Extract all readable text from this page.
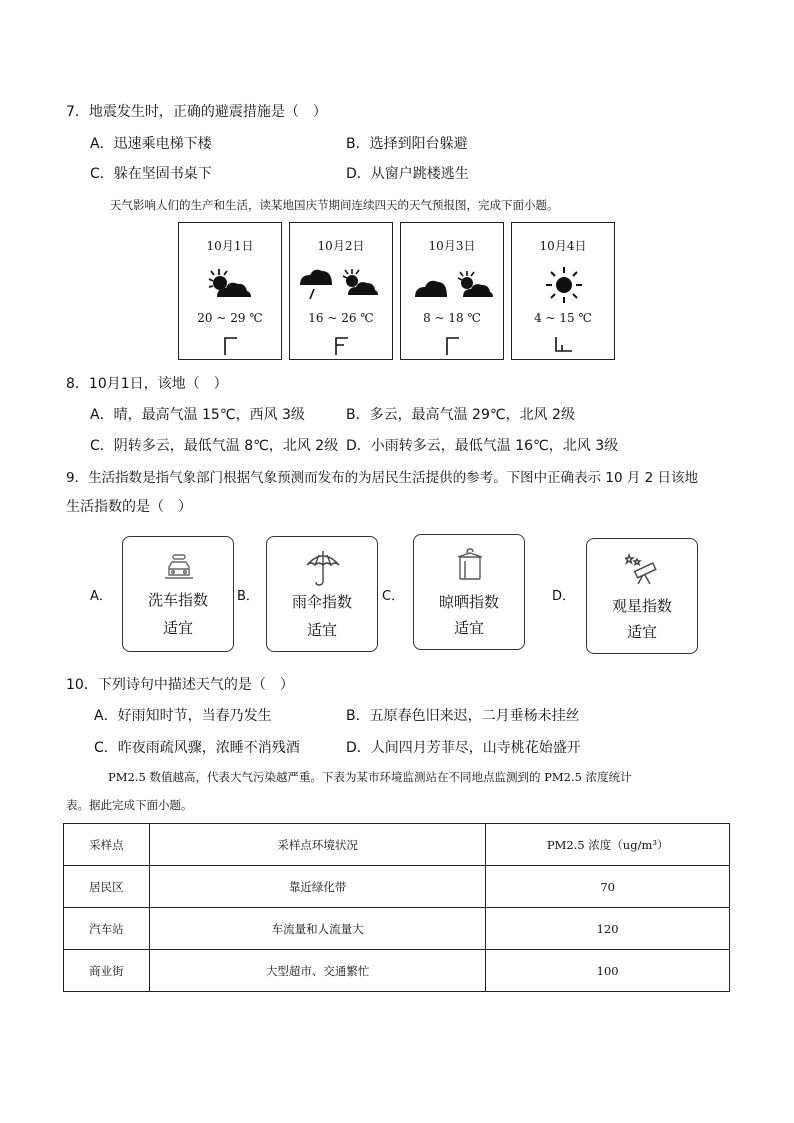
7．地震发生时，正确的避震措施是（　）
A．迅速乘电梯下楼	B．选择到阳台躲避
C．躲在坚固书桌下	D．从窗户跳楼逃生
天气影响人们的生产和生活，读某地国庆节期间连续四天的天气预报图，完成下面小题。
10月1日
20 ~ 29 ℃
10月2日
16 ~ 26 ℃
10月3日
8 ~ 18 ℃
10月4日
4 ~ 15 ℃
8．10月1日，该地（　）
A．晴，最高气温 15℃，西风 3级	B．多云，最高气温 29℃，北风 2级
C．阴转多云，最低气温 8℃，北风 2级 D．小雨转多云，最低气温 16℃，北风 3级
9．生活指数是指气象部门根据气象预测而发布的为居民生活提供的参考。下图中正确表示 10 月 2 日该地
生活指数的是（　）
A．	洗车指数
适宜
B．	雨伞指数
适宜
C．	晾晒指数
适宜
D．
观星指数
适宜
10．下列诗句中描述天气的是（　）
A．好雨知时节，当春乃发生	B．五原春色旧来迟，二月垂杨未挂丝
C．昨夜雨疏风骤，浓睡不消残酒	D．人间四月芳菲尽，山寺桃花始盛开
PM2.5 数值越高，代表大气污染越严重。下表为某市环境监测站在不同地点监测到的 PM2.5 浓度统计
表。据此完成下面小题。
采样点	采样点环境状况	PM2.5 浓度（ug/m³）
居民区	靠近绿化带	70
汽车站	车流量和人流量大	120
商业街	大型超市、交通繁忙	100
